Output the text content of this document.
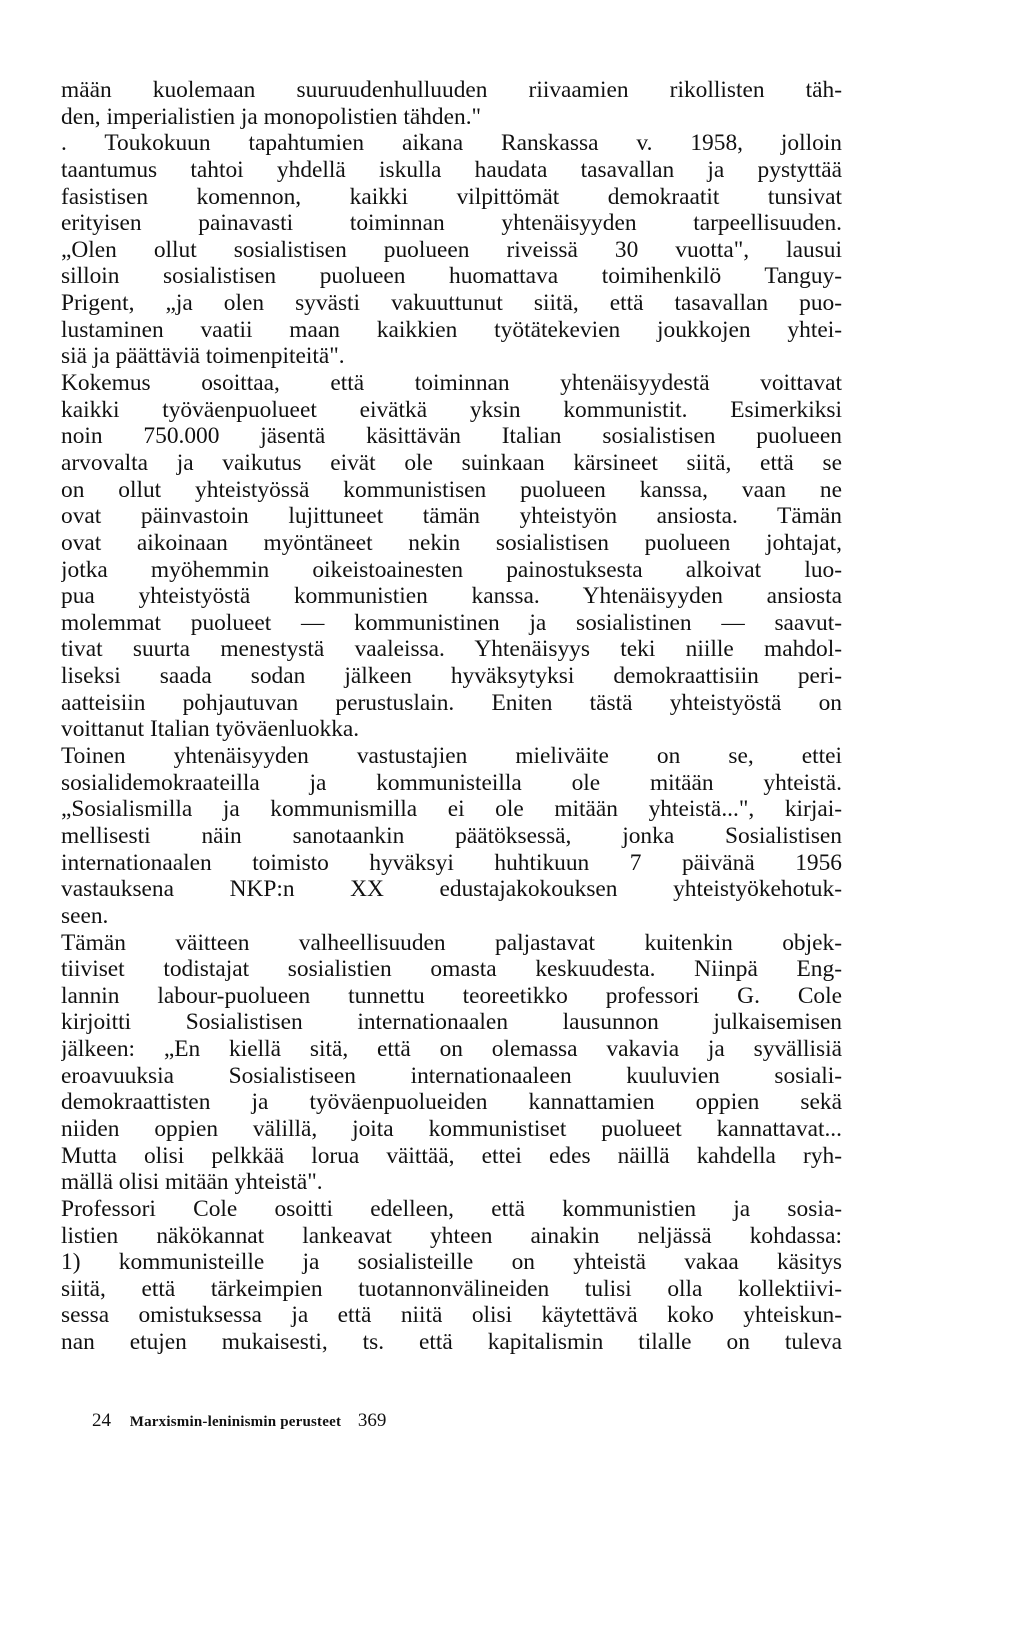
mään kuolemaan suuruudenhulluuden riivaamien rikollisten täh-
den, imperialistien ja monopolistien tähden."
. Toukokuun tapahtumien aikana Ranskassa v. 1958, jolloin
taantumus tahtoi yhdellä iskulla haudata tasavallan ja pystyttää
fasistisen komennon, kaikki vilpittömät demokraatit tunsivat
erityisen painavasti toiminnan yhtenäisyyden tarpeellisuuden.
„Olen ollut sosialistisen puolueen riveissä 30 vuotta", lausui
silloin sosialistisen puolueen huomattava toimihenkilö Tanguy-
Prigent, „ja olen syvästi vakuuttunut siitä, että tasavallan puo-
lustaminen vaatii maan kaikkien työtätekevien joukkojen yhtei-
siä ja päättäviä toimenpiteitä".
Kokemus osoittaa, että toiminnan yhtenäisyydestä voittavat
kaikki työväenpuolueet eivätkä yksin kommunistit. Esimerkiksi
noin 750.000 jäsentä käsittävän Italian sosialistisen puolueen
arvovalta ja vaikutus eivät ole suinkaan kärsineet siitä, että se
on ollut yhteistyössä kommunistisen puolueen kanssa, vaan ne
ovat päinvastoin lujittuneet tämän yhteistyön ansiosta. Tämän
ovat aikoinaan myöntäneet nekin sosialistisen puolueen johtajat,
jotka myöhemmin oikeistoainesten painostuksesta alkoivat luo-
pua yhteistyöstä kommunistien kanssa. Yhtenäisyyden ansiosta
molemmat puolueet — kommunistinen ja sosialistinen — saavut-
tivat suurta menestystä vaaleissa. Yhtenäisyys teki niille mahdol-
liseksi saada sodan jälkeen hyväksytyksi demokraattisiin peri-
aatteisiin pohjautuvan perustuslain. Eniten tästä yhteistyöstä on
voittanut Italian työväenluokka.
Toinen yhtenäisyyden vastustajien mieliväite on se, ettei
sosialidemokraateilla ja kommunisteilla ole mitään yhteistä.
„Sosialismilla ja kommunismilla ei ole mitään yhteistä...", kirjai-
mellisesti näin sanotaankin päätöksessä, jonka Sosialistisen
internationaalen toimisto hyväksyi huhtikuun 7 päivänä 1956
vastauksena NKP:n XX edustajakokouksen yhteistyökehotuk-
seen.
Tämän väitteen valheellisuuden paljastavat kuitenkin objek-
tiiviset todistajat sosialistien omasta keskuudesta. Niinpä Eng-
lannin labour-puolueen tunnettu teoreetikko professori G. Cole
kirjoitti Sosialistisen internationaalen lausunnon julkaisemisen
jälkeen: „En kiellä sitä, että on olemassa vakavia ja syvällisiä
eroavuuksia Sosialistiseen internationaaleen kuuluvien sosiali-
demokraattisten ja työväenpuolueiden kannattamien oppien sekä
niiden oppien välillä, joita kommunistiset puolueet kannattavat...
Mutta olisi pelkkää lorua väittää, ettei edes näillä kahdella ryh-
mällä olisi mitään yhteistä".
Professori Cole osoitti edelleen, että kommunistien ja sosia-
listien näkökannat lankeavat yhteen ainakin neljässä kohdassa:
1) kommunisteille ja sosialisteille on yhteistä vakaa käsitys
siitä, että tärkeimpien tuotannonvälineiden tulisi olla kollektiivi-
sessa omistuksessa ja että niitä olisi käytettävä koko yhteiskun-
nan etujen mukaisesti, ts. että kapitalismin tilalle on tuleva
24 Marxismin-leninismin perusteet 369
